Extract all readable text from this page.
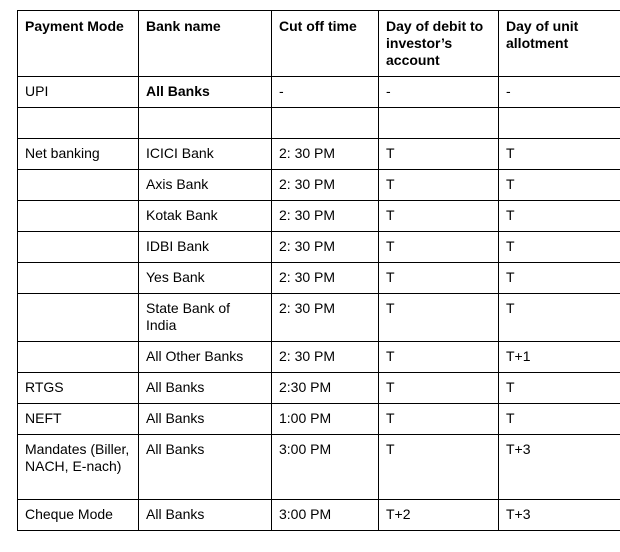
Payment Mode	Bank name	Cut off time	Day of debit to investor’s account	Day of unit allotment
UPI	All Banks	-	-	-

Net banking	ICICI Bank	2: 30 PM	T	T
	Axis Bank	2: 30 PM	T	T
	Kotak Bank	2: 30 PM	T	T
	IDBI Bank	2: 30 PM	T	T
	Yes Bank	2: 30 PM	T	T
	State Bank of India	2: 30 PM	T	T
	All Other Banks	2: 30 PM	T	T+1
RTGS	All Banks	2:30 PM	T	T
NEFT	All Banks	1:00 PM	T	T
Mandates (Biller, NACH, E-nach)	All Banks	3:00 PM	T	T+3
Cheque Mode	All Banks	3:00 PM	T+2	T+3
